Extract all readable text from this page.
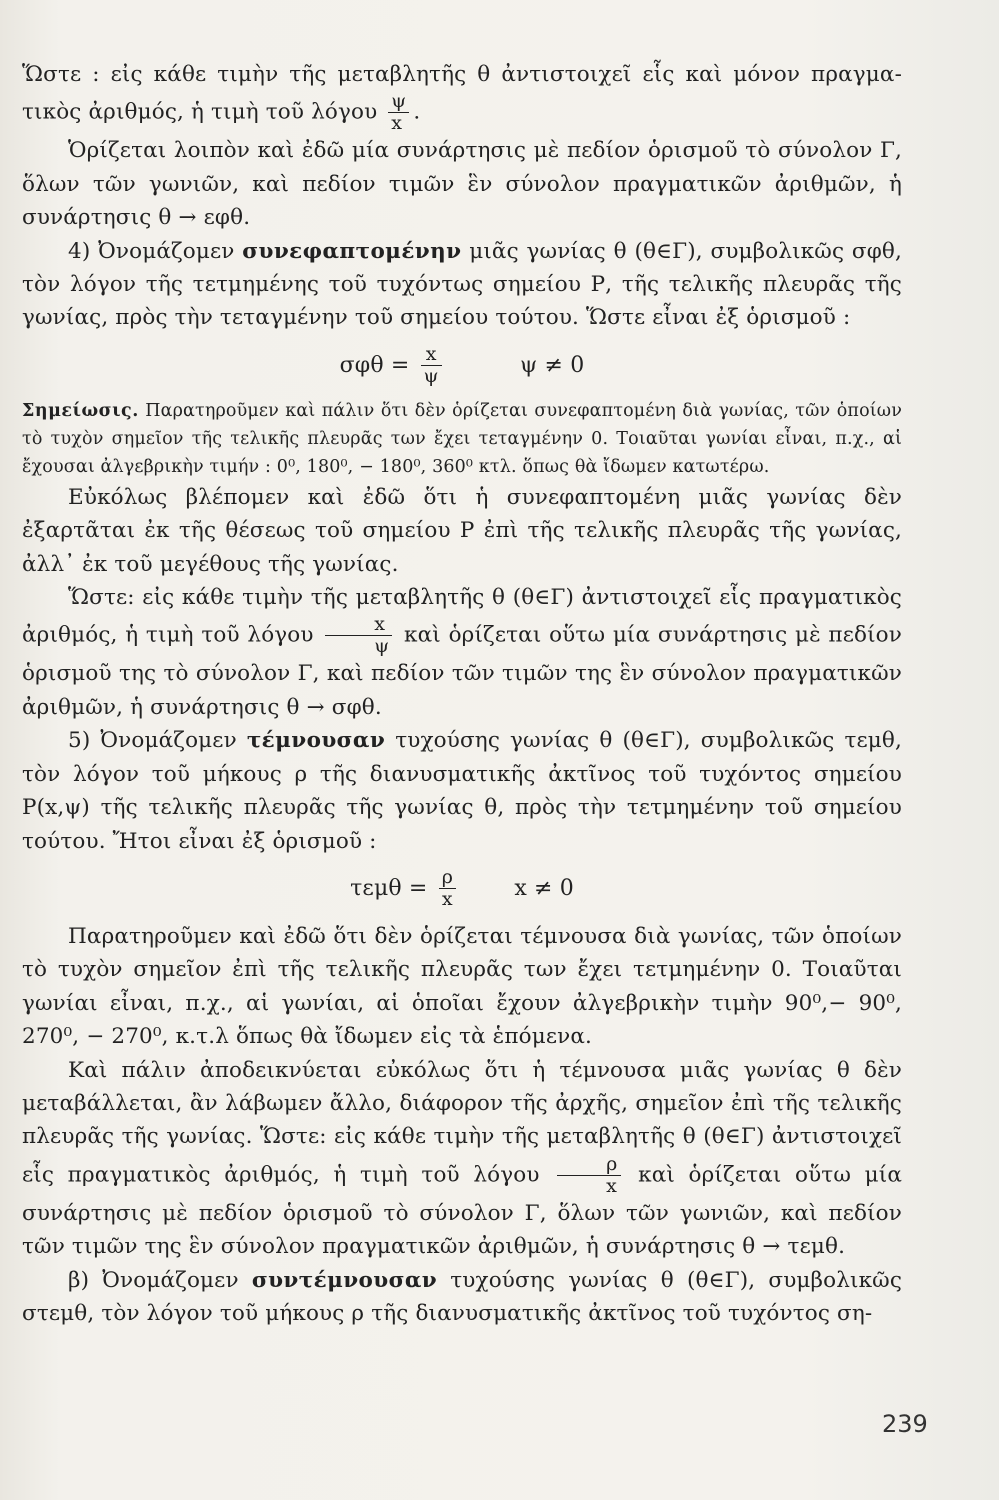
Ὥστε : εἰς κάθε τιμὴν τῆς μεταβλητῆς θ ἀντιστοιχεῖ εἷς καὶ μόνον πραγμα- τικὸς ἀριθμός, ἡ τιμὴ τοῦ λόγου $\frac{\psi}{x}$ .

Ὁρίζεται λοιπὸν καὶ ἐδῶ μία συνάρτησις μὲ πεδίον ὁρισμοῦ τὸ σύνολον Γ, ὅλων τῶν γωνιῶν, καὶ πεδίον τιμῶν ἓν σύνολον πραγματικῶν ἀριθμῶν, ἡ συνάρτησις θ → εφθ.

4) Ὀνομάζομεν συνεφαπτομένην μιᾶς γωνίας θ (θ∈Γ), συμβολικῶς σφθ, τὸν λόγον τῆς τετμημένης τοῦ τυχόντως σημείου Ρ, τῆς τελικῆς πλευρᾶς τῆς γωνίας, πρὸς τὴν τεταγμένην τοῦ σημείου τούτου. Ὥστε εἶναι ἐξ ὁρισμοῦ :

$\sigma\varphi\theta = \frac{x}{\psi}$	ψ ≠ 0

Σημείωσις. Παρατηροῦμεν καὶ πάλιν ὅτι δὲν ὁρίζεται συνεφαπτομένη διὰ γωνίας, τῶν ὁποίων τὸ τυχὸν σημεῖον τῆς τελικῆς πλευρᾶς των ἔχει τεταγμένην 0. Τοιαῦται γωνίαι εἶναι, π.χ., αἱ ἔχουσαι ἀλγεβρικὴν τιμήν : 0⁰, 180⁰, − 180⁰, 360⁰ κτλ. ὅπως θὰ ἴδωμεν κατωτέρω.

Εὐκόλως βλέπομεν καὶ ἐδῶ ὅτι ἡ συνεφαπτομένη μιᾶς γωνίας δὲν ἐξαρτᾶται ἐκ τῆς θέσεως τοῦ σημείου Ρ ἐπὶ τῆς τελικῆς πλευρᾶς τῆς γωνίας, ἀλλ᾽ ἐκ τοῦ μεγέθους τῆς γωνίας.

Ὥστε: εἰς κάθε τιμὴν τῆς μεταβλητῆς θ (θ∈Γ) ἀντιστοιχεῖ εἷς πραγματικὸς ἀριθμός, ἡ τιμὴ τοῦ λόγου $\frac{x}{\psi}$ καὶ ὁρίζεται οὕτω μία συνάρτησις μὲ πεδίον ὁρισμοῦ της τὸ σύνολον Γ, καὶ πεδίον τῶν τιμῶν της ἓν σύνολον πραγματικῶν ἀριθμῶν, ἡ συνάρτησις θ → σφθ.

5) Ὀνομάζομεν τέμνουσαν τυχούσης γωνίας θ (θ∈Γ), συμβολικῶς τεμθ, τὸν λόγον τοῦ μήκους ρ τῆς διανυσματικῆς ἀκτῖνος τοῦ τυχόντος σημείου Ρ(x,ψ) τῆς τελικῆς πλευρᾶς τῆς γωνίας θ, πρὸς τὴν τετμημένην τοῦ σημείου τούτου. Ἤτοι εἶναι ἐξ ὁρισμοῦ :

$\tau\varepsilon\mu\theta = \frac{\rho}{x}$	x ≠ 0

Παρατηροῦμεν καὶ ἐδῶ ὅτι δὲν ὁρίζεται τέμνουσα διὰ γωνίας, τῶν ὁποίων τὸ τυχὸν σημεῖον ἐπὶ τῆς τελικῆς πλευρᾶς των ἔχει τετμημένην 0. Τοιαῦται γωνίαι εἶναι, π.χ., αἱ γωνίαι, αἱ ὁποῖαι ἔχουν ἀλγεβρικὴν τιμὴν 90⁰,− 90⁰, 270⁰, − 270⁰, κ.τ.λ ὅπως θὰ ἴδωμεν εἰς τὰ ἑπόμενα.

Καὶ πάλιν ἀποδεικνύεται εὐκόλως ὅτι ἡ τέμνουσα μιᾶς γωνίας θ δὲν μεταβάλλεται, ἂν λάβωμεν ἄλλο, διάφορον τῆς ἀρχῆς, σημεῖον ἐπὶ τῆς τελικῆς πλευρᾶς τῆς γωνίας. Ὥστε: εἰς κάθε τιμὴν τῆς μεταβλητῆς θ (θ∈Γ) ἀντιστοιχεῖ εἷς πραγματικὸς ἀριθμός, ἡ τιμὴ τοῦ λόγου $\frac{\rho}{x}$ καὶ ὁρίζεται οὕτω μία συνάρτησις μὲ πεδίον ὁρισμοῦ τὸ σύνολον Γ, ὅλων τῶν γωνιῶν, καὶ πεδίον τῶν τιμῶν της ἓν σύνολον πραγματικῶν ἀριθμῶν, ἡ συνάρτησις θ → τεμθ.

β) Ὀνομάζομεν συντέμνουσαν τυχούσης γωνίας θ (θ∈Γ), συμβολικῶς στεμθ, τὸν λόγον τοῦ μήκους ρ τῆς διανυσματικῆς ἀκτῖνος τοῦ τυχόντος ση-

239
